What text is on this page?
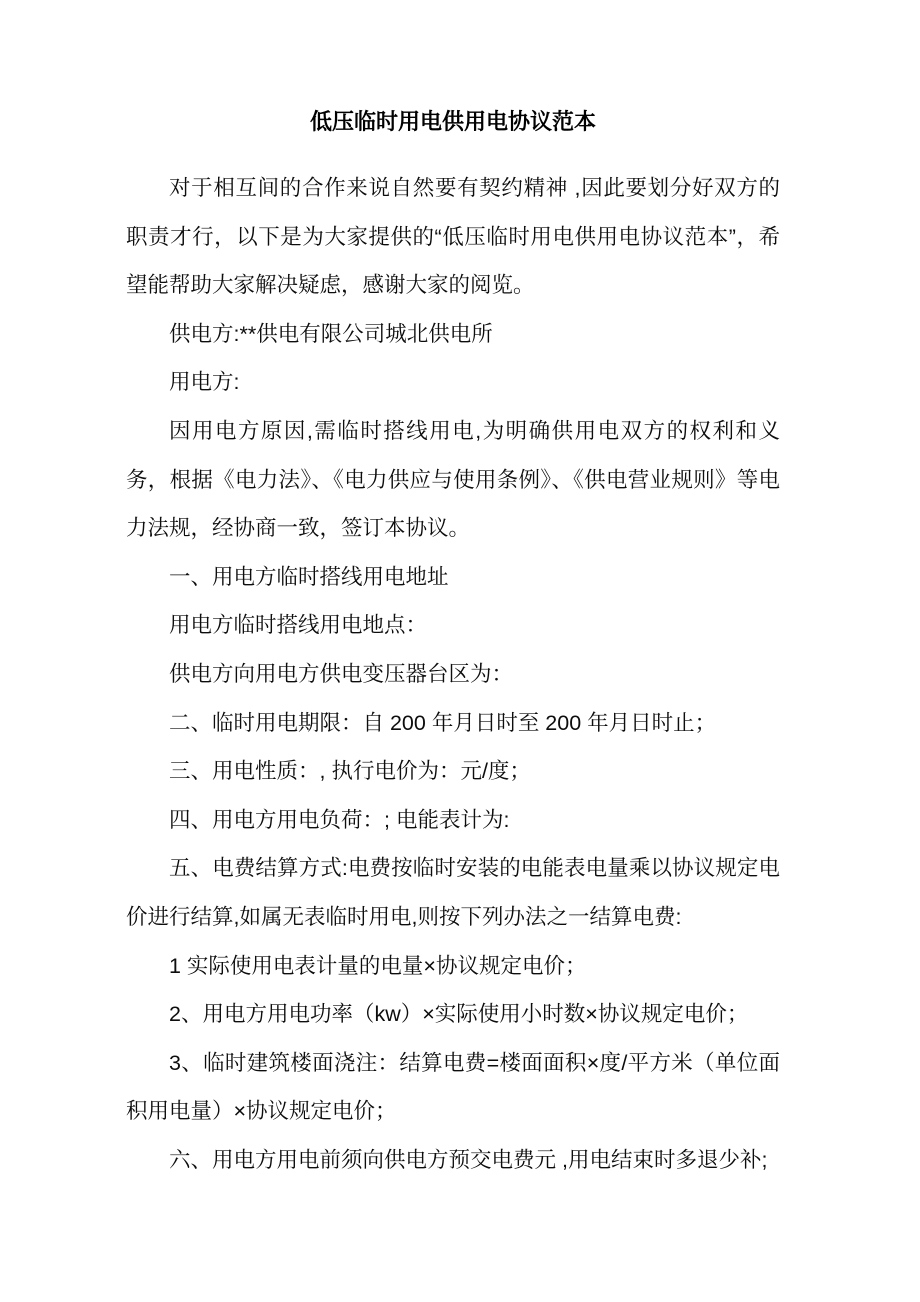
低压临时用电供用电协议范本

对于相互间的合作来说自然要有契约精神 ,因此要划分好双方的职责才行，以下是为大家提供的“低压临时用电供用电协议范本”，希望能帮助大家解决疑虑，感谢大家的阅览。

供电方:**供电有限公司城北供电所

用电方:

因用电方原因,需临时搭线用电,为明确供用电双方的权利和义务，根据《电力法》、《电力供应与使用条例》、《供电营业规则》等电力法规，经协商一致，签订本协议。

一、用电方临时搭线用电地址

用电方临时搭线用电地点：

供电方向用电方供电变压器台区为：

二、临时用电期限：自 200 年月日时至 200 年月日时止；

三、用电性质：, 执行电价为：元/度；

四、用电方用电负荷：; 电能表计为:

五、电费结算方式:电费按临时安装的电能表电量乘以协议规定电价进行结算,如属无表临时用电,则按下列办法之一结算电费:

1 实际使用电表计量的电量×协议规定电价；

2、用电方用电功率（kw）×实际使用小时数×协议规定电价；

3、临时建筑楼面浇注：结算电费=楼面面积×度/平方米（单位面积用电量）×协议规定电价；

六、用电方用电前须向供电方预交电费元 ,用电结束时多退少补;
